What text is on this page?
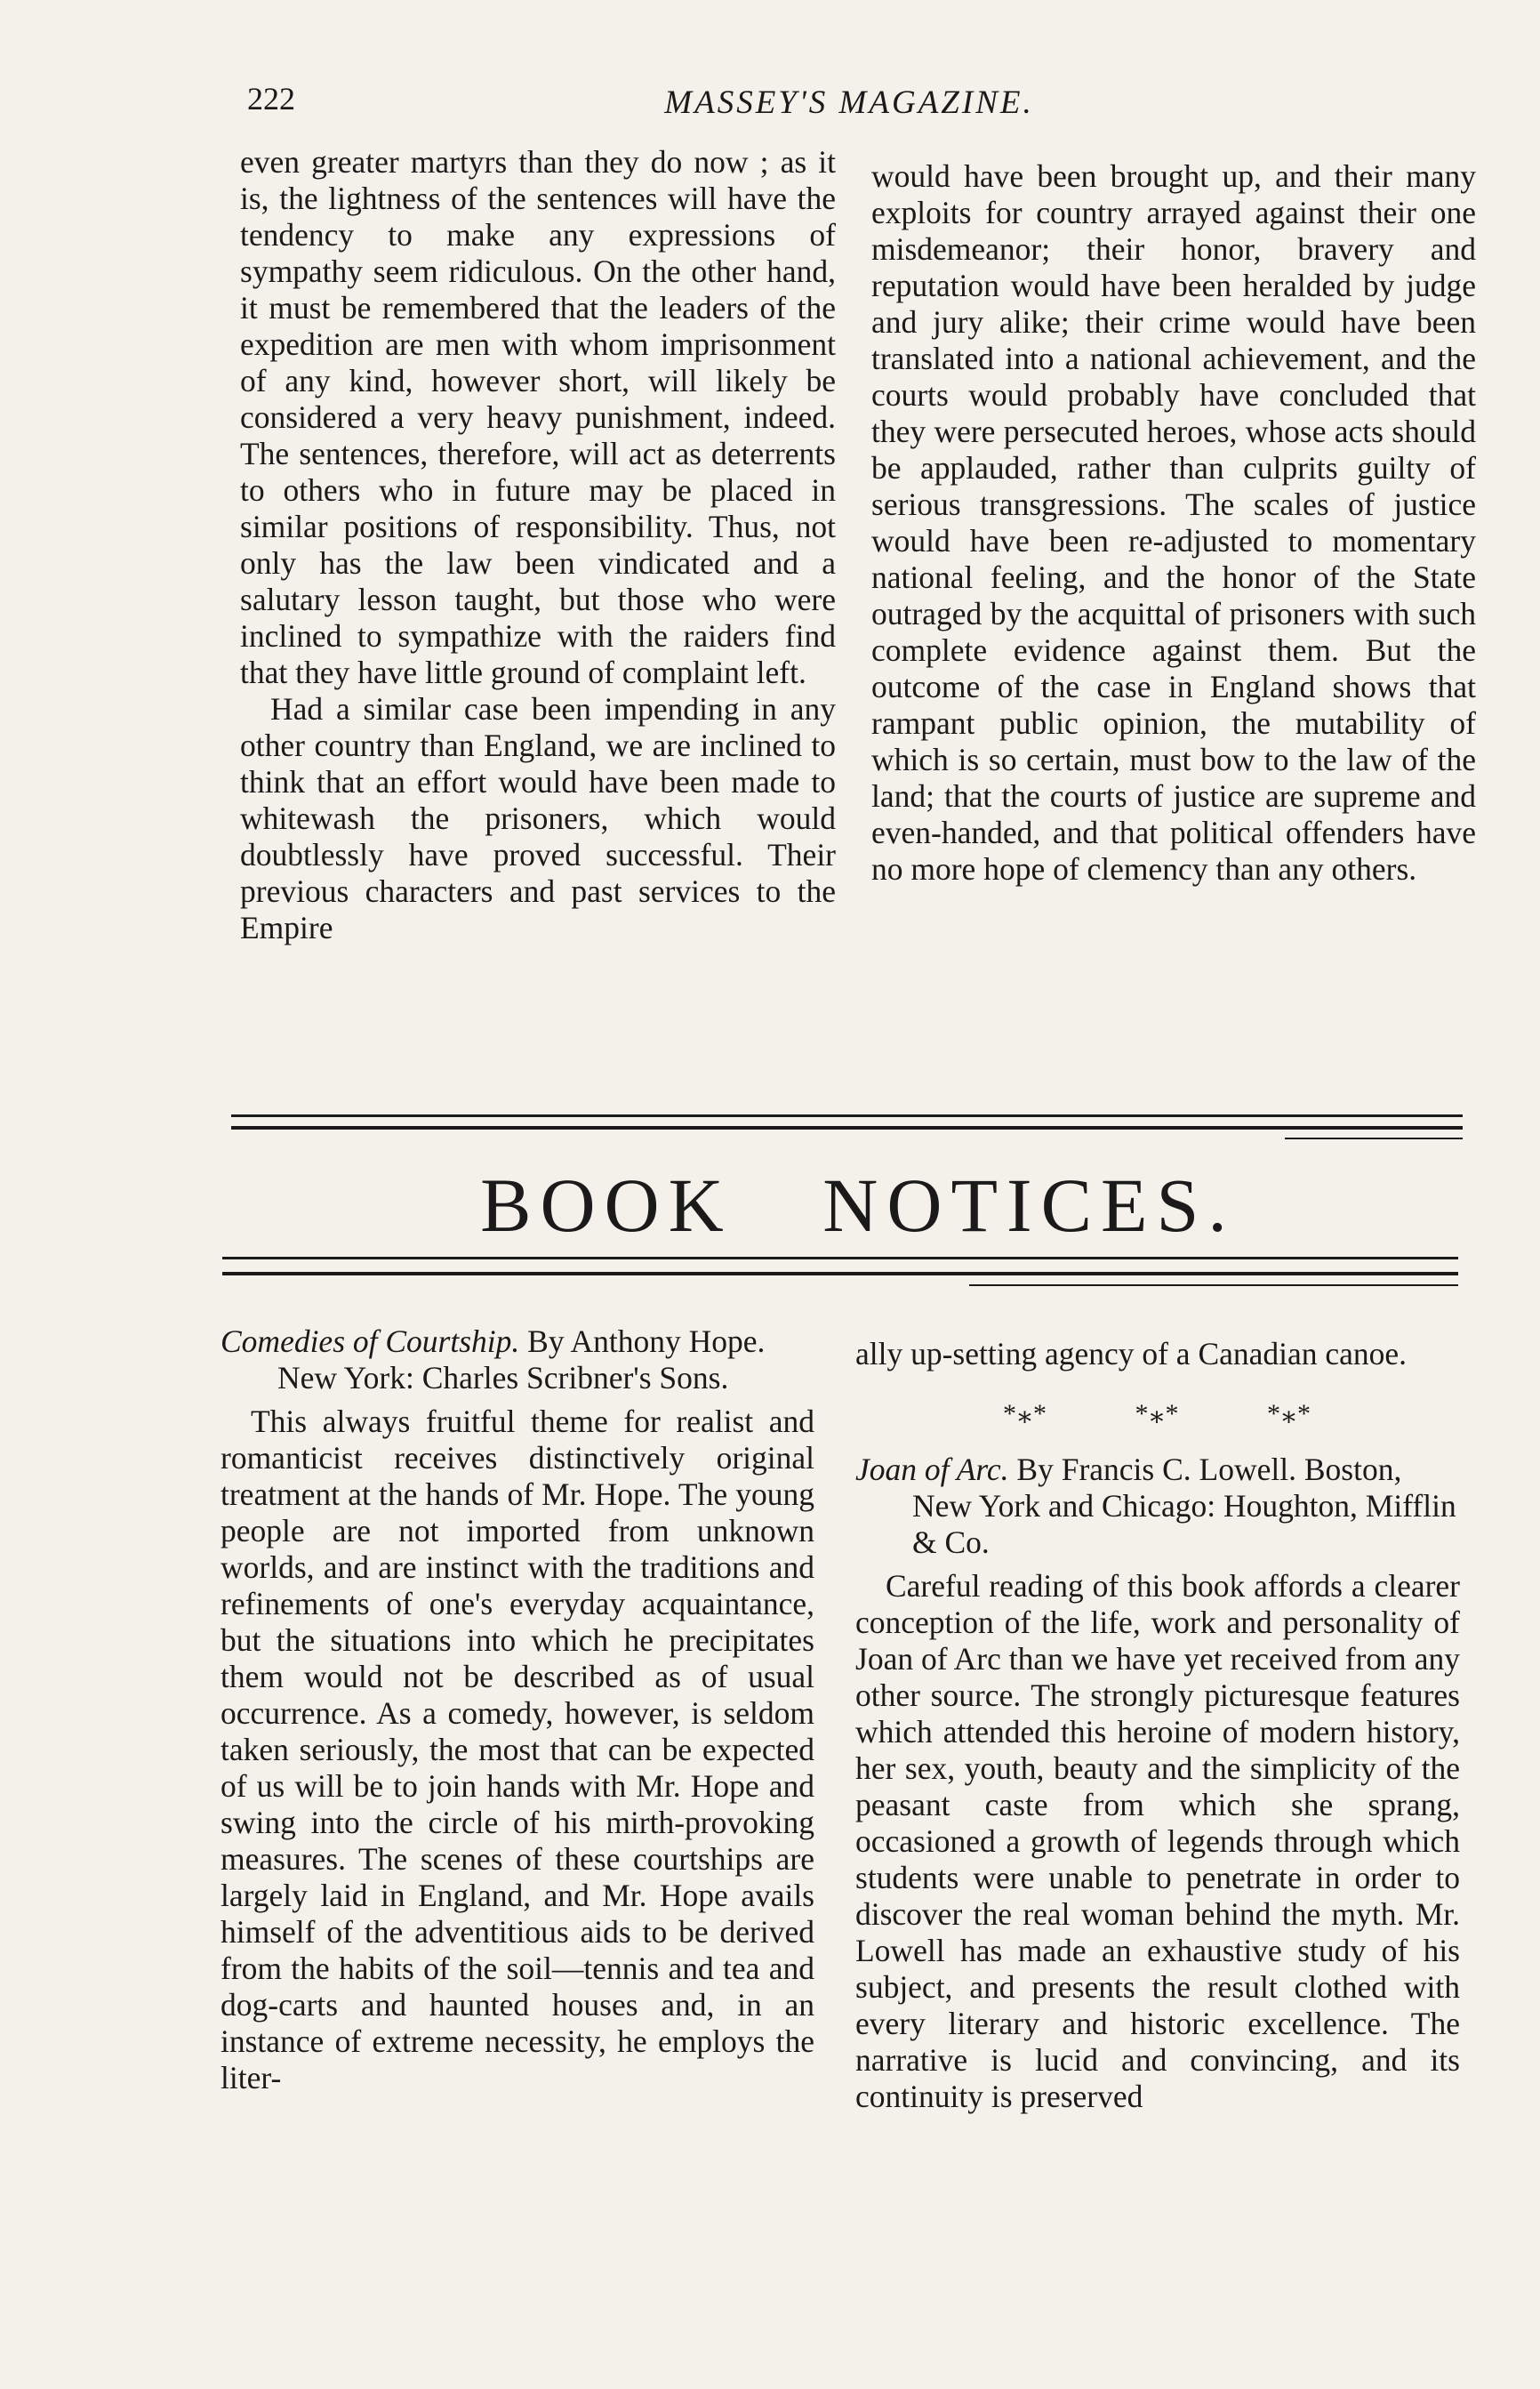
222	MASSEY'S MAGAZINE.

even greater martyrs than they do now ; as it is, the lightness of the sentences will have the tendency to make any expressions of sympathy seem ridiculous. On the other hand, it must be remembered that the leaders of the expedition are men with whom imprisonment of any kind, however short, will likely be considered a very heavy punishment, indeed. The sentences, therefore, will act as deterrents to others who in future may be placed in similar positions of responsibility. Thus, not only has the law been vindicated and a salutary lesson taught, but those who were inclined to sympathize with the raiders find that they have little ground of complaint left.

Had a similar case been impending in any other country than England, we are inclined to think that an effort would have been made to whitewash the prisoners, which would doubtlessly have proved successful. Their previous characters and past services to the Empire

would have been brought up, and their many exploits for country arrayed against their one misdemeanor; their honor, bravery and reputation would have been heralded by judge and jury alike; their crime would have been translated into a national achievement, and the courts would probably have concluded that they were persecuted heroes, whose acts should be applauded, rather than culprits guilty of serious transgressions. The scales of justice would have been re-adjusted to momentary national feeling, and the honor of the State outraged by the acquittal of prisoners with such complete evidence against them. But the outcome of the case in England shows that rampant public opinion, the mutability of which is so certain, must bow to the law of the land; that the courts of justice are supreme and even-handed, and that political offenders have no more hope of clemency than any others.

BOOK NOTICES.

Comedies of Courtship. By Anthony Hope. New York: Charles Scribner's Sons.

This always fruitful theme for realist and romanticist receives distinctively original treatment at the hands of Mr. Hope. The young people are not imported from unknown worlds, and are instinct with the traditions and refinements of one's everyday acquaintance, but the situations into which he precipitates them would not be described as of usual occurrence. As a comedy, however, is seldom taken seriously, the most that can be expected of us will be to join hands with Mr. Hope and swing into the circle of his mirth-provoking measures. The scenes of these courtships are largely laid in England, and Mr. Hope avails himself of the adventitious aids to be derived from the habits of the soil—tennis and tea and dog-carts and haunted houses and, in an instance of extreme necessity, he employs the liter-

ally up-setting agency of a Canadian canoe.

*⁎*	*⁎*	*⁎*

Joan of Arc. By Francis C. Lowell. Boston, New York and Chicago: Houghton, Mifflin & Co.

Careful reading of this book affords a clearer conception of the life, work and personality of Joan of Arc than we have yet received from any other source. The strongly picturesque features which attended this heroine of modern history, her sex, youth, beauty and the simplicity of the peasant caste from which she sprang, occasioned a growth of legends through which students were unable to penetrate in order to discover the real woman behind the myth. Mr. Lowell has made an exhaustive study of his subject, and presents the result clothed with every literary and historic excellence. The narrative is lucid and convincing, and its continuity is preserved
